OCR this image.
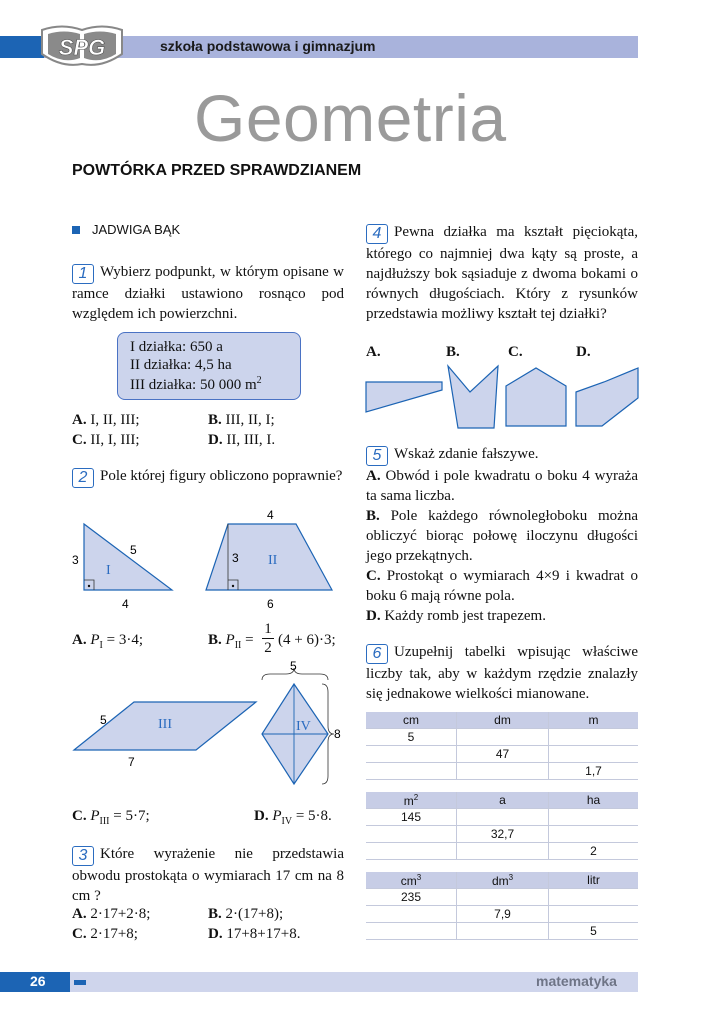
SPG	szkoła podstawowa i gimnazjum
Geometria
POWTÓRKA PRZED SPRAWDZIANEM
JADWIGA BĄK
1 Wybierz podpunkt, w którym opisane w ramce działki ustawiono rosnąco pod względem ich powierzchni.
I działka: 650 a
II działka: 4,5 ha
III działka: 50 000 $m^2$
A. I, II, III;	B. III, II, I;
C. II, I, III;	D. II, III, I.
2 Pole której figury obliczono poprawnie?
3
5
4
I
4
3
6
II
A. $P_I = 3\cdot 4$;	B. $P_{II}$ =
1
2 (4 + 6)·3;
5
7
III
5
8
IV
C. $P_{III} = 5\cdot 7$;	D. $P_{IV} = 5\cdot 8$.
3 Które wyrażenie nie przedstawia obwodu prostokąta o wymiarach 17 cm na 8 cm ?
A. 2·17+2·8;	B. 2·(17+8);
C. 2·17+8;	D. 17+8+17+8.
4 Pewna działka ma kształt pięciokąta, którego co najmniej dwa kąty są proste, a najdłuższy bok sąsiaduje z dwoma bokami o równych długościach. Który z rysunków przedstawia możliwy kształt tej działki?
A.	B.	C.	D.
5 Wskaż zdanie fałszywe.
A. Obwód i pole kwadratu o boku 4 wyraża ta sama liczba.
B. Pole każdego równoległoboku można obliczyć biorąc połowę iloczynu długości jego przekątnych.
C. Prostokąt o wymiarach 4×9 i kwadrat o boku 6 mają równe pola.
D. Każdy romb jest trapezem.
6 Uzupełnij tabelki wpisując właściwe liczby tak, aby w każdym rzędzie znalazły się jednakowe wielkości mianowane.
cm	dm	m
5		
	47	
		1,7
$m^2$	a	ha
145		
	32,7	
		2
$cm^3$	$dm^3$	litr
235		
	7,9	
		5
26	matematyka
